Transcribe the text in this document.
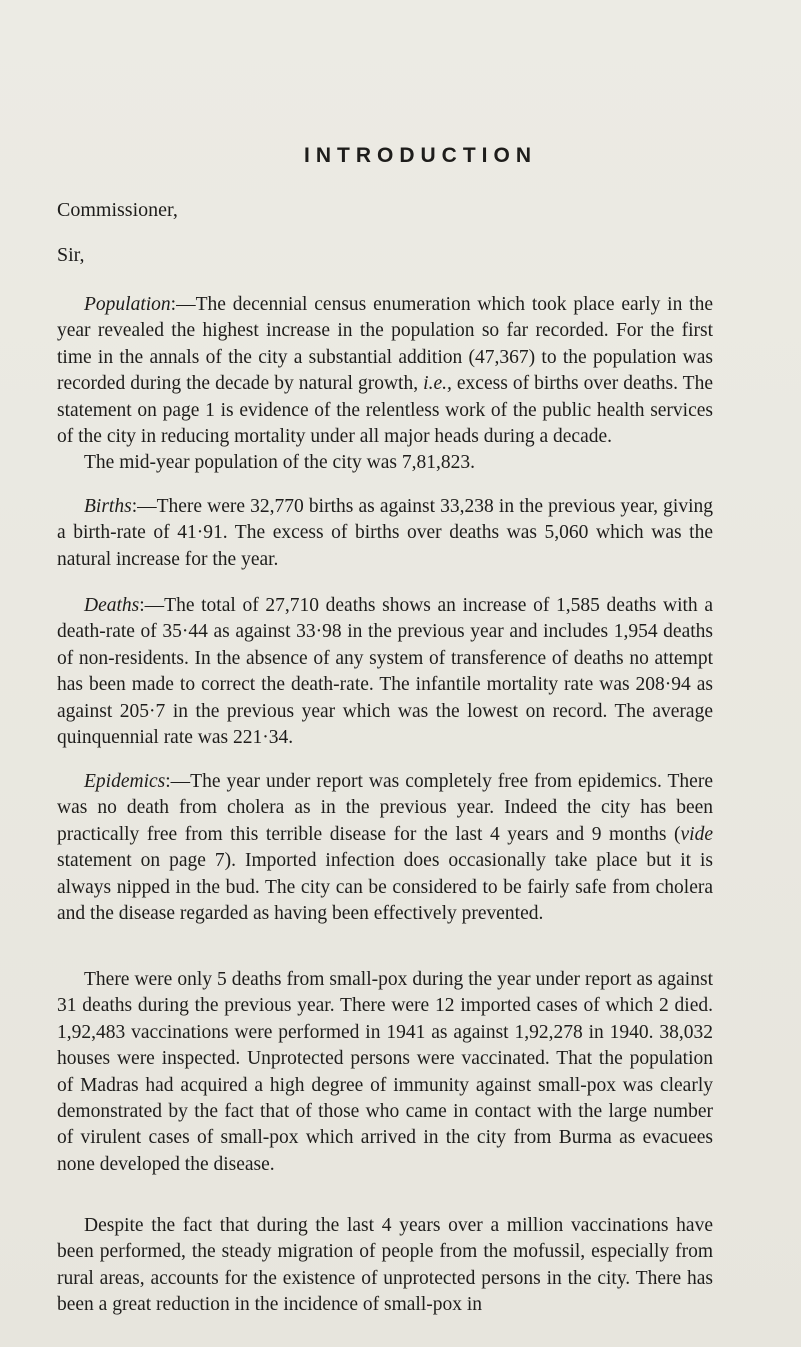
INTRODUCTION
Commissioner,
Sir,

Population:—The decennial census enumeration which took place early in the year revealed the highest increase in the population so far recorded. For the first time in the annals of the city a substantial addition (47,367) to the population was recorded during the decade by natural growth, i.e., excess of births over deaths. The statement on page 1 is evidence of the relentless work of the public health services of the city in reducing mortality under all major heads during a decade.

The mid-year population of the city was 7,81,823.

Births:—There were 32,770 births as against 33,238 in the previous year, giving a birth-rate of 41·91. The excess of births over deaths was 5,060 which was the natural increase for the year.

Deaths:—The total of 27,710 deaths shows an increase of 1,585 deaths with a death-rate of 35·44 as against 33·98 in the previous year and includes 1,954 deaths of non-residents. In the absence of any system of transference of deaths no attempt has been made to correct the death-rate. The infantile mortality rate was 208·94 as against 205·7 in the previous year which was the lowest on record. The average quinquennial rate was 221·34.

Epidemics:—The year under report was completely free from epidemics. There was no death from cholera as in the previous year. Indeed the city has been practically free from this terrible disease for the last 4 years and 9 months (vide statement on page 7). Imported infection does occasionally take place but it is always nipped in the bud. The city can be considered to be fairly safe from cholera and the disease regarded as having been effectively prevented.

There were only 5 deaths from small-pox during the year under report as against 31 deaths during the previous year. There were 12 imported cases of which 2 died. 1,92,483 vaccinations were performed in 1941 as against 1,92,278 in 1940. 38,032 houses were inspected. Unprotected persons were vaccinated. That the population of Madras had acquired a high degree of immunity against small-pox was clearly demonstrated by the fact that of those who came in contact with the large number of virulent cases of small-pox which arrived in the city from Burma as evacuees none developed the disease.

Despite the fact that during the last 4 years over a million vaccinations have been performed, the steady migration of people from the mofussil, especially from rural areas, accounts for the existence of unprotected persons in the city. There has been a great reduction in the incidence of small-pox in
